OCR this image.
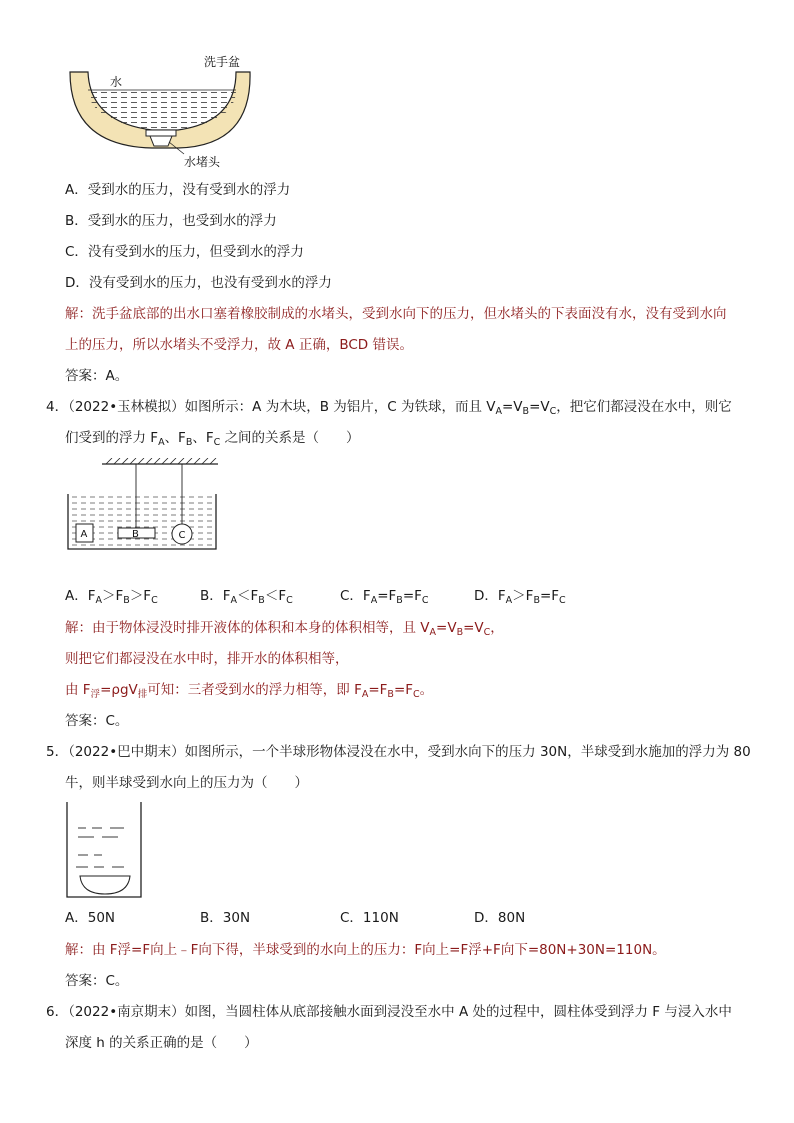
水
洗手盆
水堵头
A．受到水的压力，没有受到水的浮力
B．受到水的压力，也受到水的浮力
C．没有受到水的压力，但受到水的浮力
D．没有受到水的压力，也没有受到水的浮力
解：洗手盆底部的出水口塞着橡胶制成的水堵头，受到水向下的压力，但水堵头的下表面没有水，没有受到水向
上的压力，所以水堵头不受浮力，故 A 正确，BCD 错误。
答案：A。
4．（2022•玉林模拟）如图所示：A 为木块，B 为铝片，C 为铁球，而且 $V_A=V_B=V_C$，把它们都浸没在水中，则它
们受到的浮力 $F_A$、$F_B$、$F_C$ 之间的关系是（　　）
A	B	C
A．$F_A>F_B>F_C$	B．$F_A<F_B<F_C$	C．$F_A=F_B=F_C$	D．$F_A>F_B=F_C$
解：由于物体浸没时排开液体的体积和本身的体积相等，且 $V_A=V_B=V_C$，
则把它们都浸没在水中时，排开水的体积相等，
由 $F_浮=\rho gV_排$可知：三者受到水的浮力相等，即 $F_A=F_B=F_C$。
答案：C。
5．（2022•巴中期末）如图所示，一个半球形物体浸没在水中，受到水向下的压力 30N，半球受到水施加的浮力为 80
牛，则半球受到水向上的压力为（　　）
A．50N	B．30N	C．110N	D．80N
解：由 F浮=F向上﹣F向下得，半球受到的水向上的压力：F向上=F浮+F向下=80N+30N=110N。
答案：C。
6．（2022•南京期末）如图，当圆柱体从底部接触水面到浸没至水中 A 处的过程中，圆柱体受到浮力 F 与浸入水中
深度 h 的关系正确的是（　　）
